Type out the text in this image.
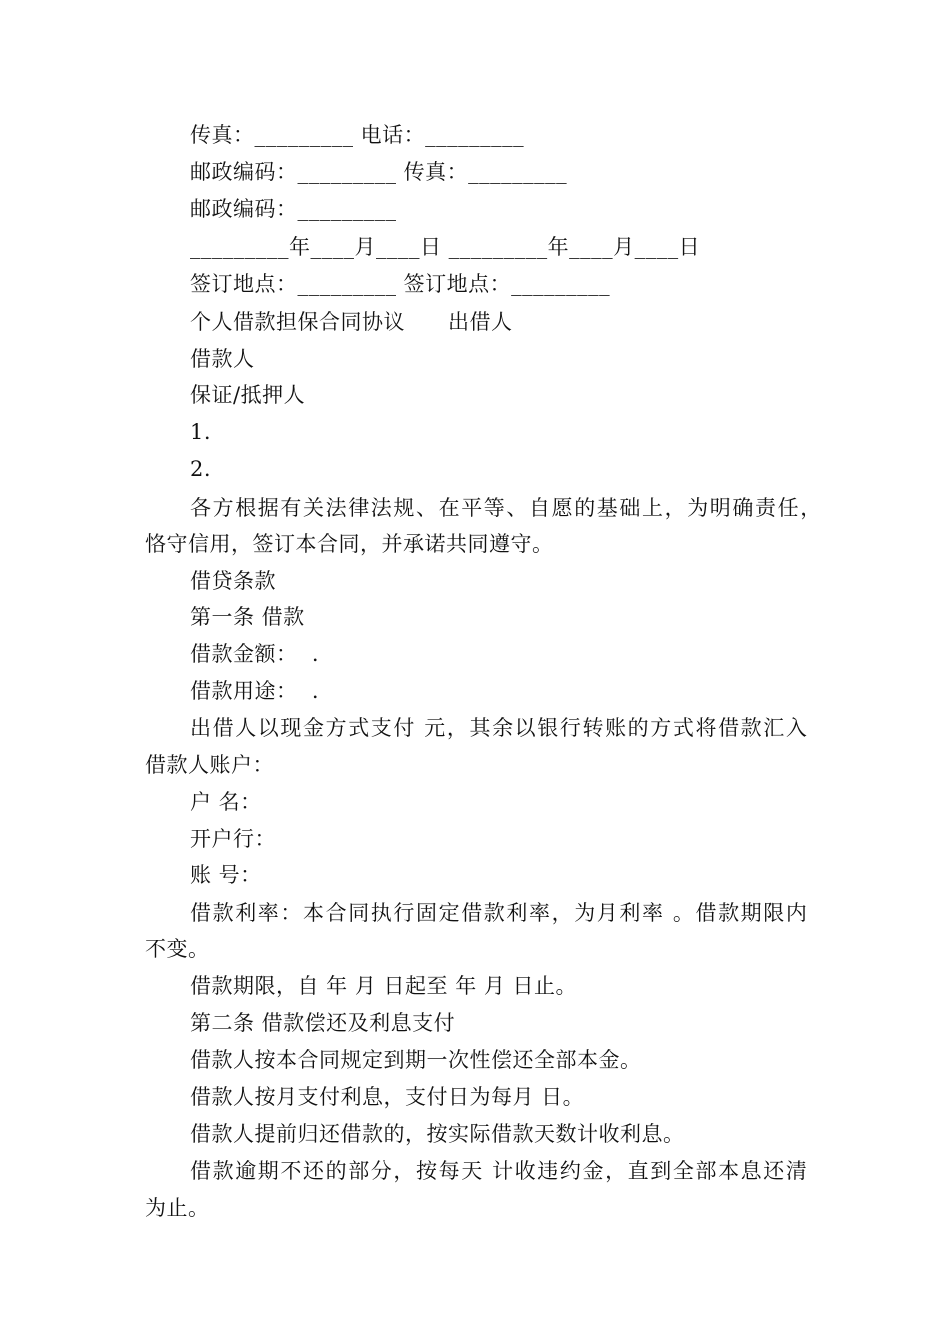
传真：_________ 电话：_________
邮政编码：_________ 传真：_________
邮政编码：_________
_________年____月____日 _________年____月____日
签订地点：_________ 签订地点：_________
个人借款担保合同协议　　出借人
借款人
保证/抵押人
1.
2.
各方根据有关法律法规、在平等、自愿的基础上，为明确责任，
恪守信用，签订本合同，并承诺共同遵守。
借贷条款
第一条 借款
借款金额：  .
借款用途：  .
出借人以现金方式支付 元，其余以银行转账的方式将借款汇入
借款人账户：
户 名：
开户行：
账 号：
借款利率：本合同执行固定借款利率，为月利率 。借款期限内
不变。
借款期限，自 年 月 日起至 年 月 日止。
第二条 借款偿还及利息支付
借款人按本合同规定到期一次性偿还全部本金。
借款人按月支付利息，支付日为每月 日。
借款人提前归还借款的，按实际借款天数计收利息。
借款逾期不还的部分，按每天 计收违约金，直到全部本息还清
为止。
